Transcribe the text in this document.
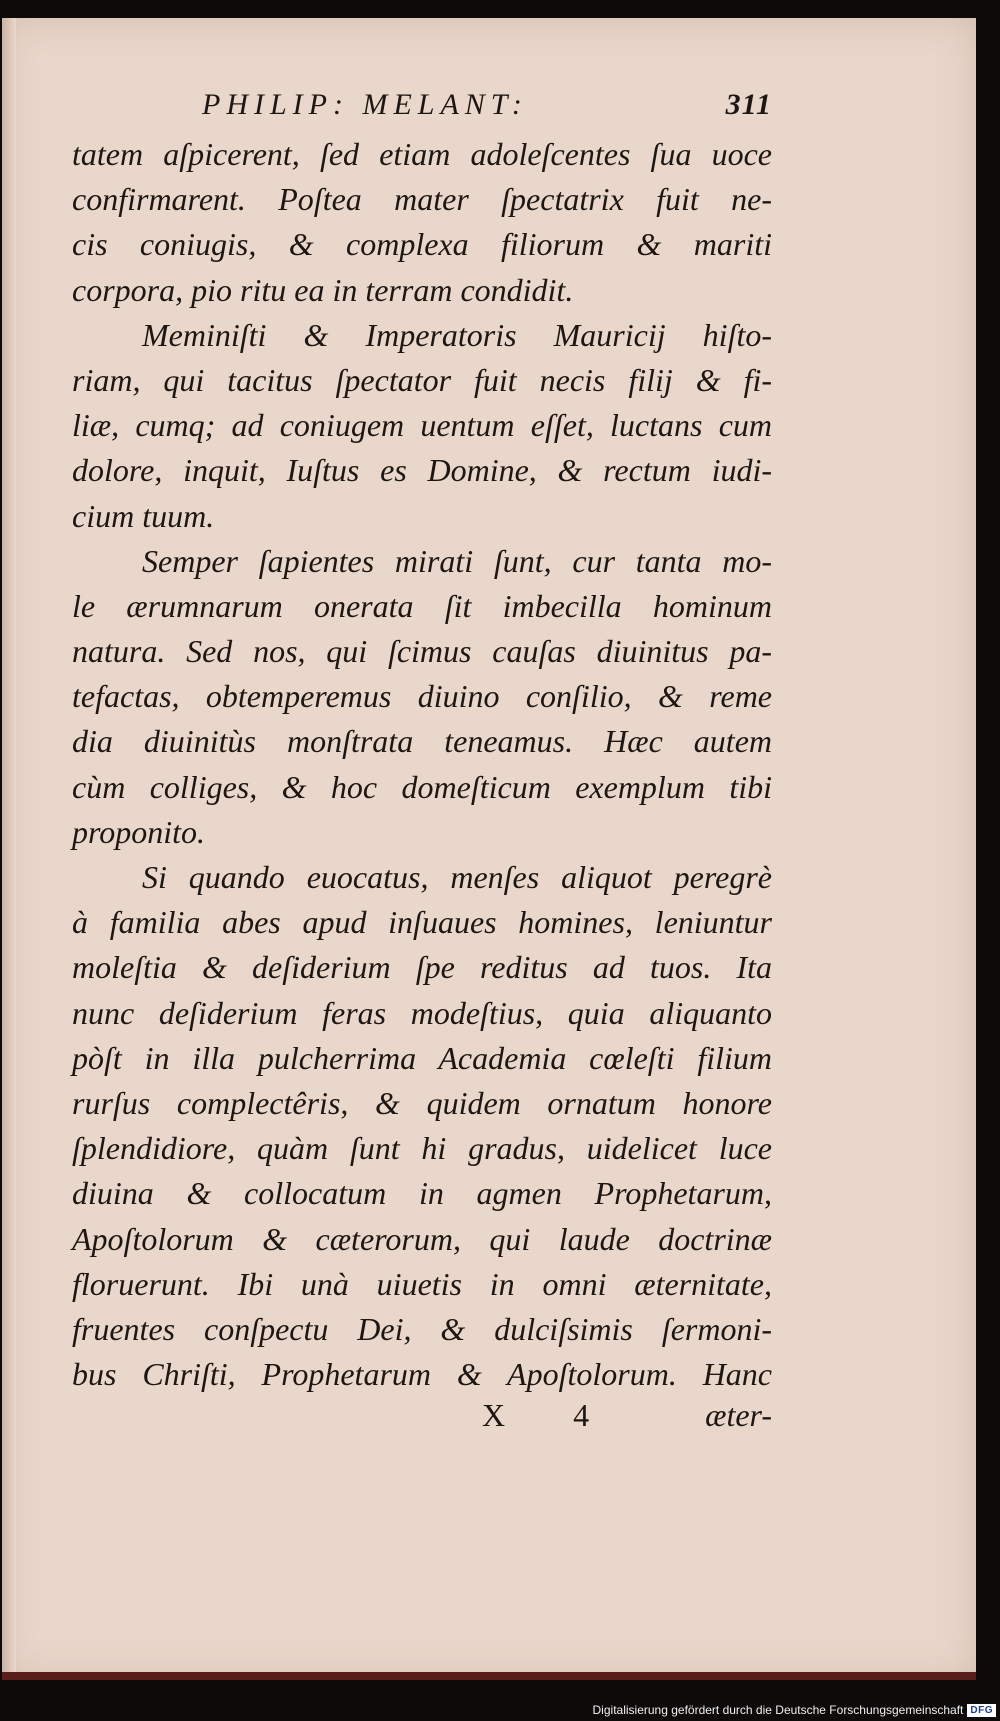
PHILIP: MELANT:	311
tatem aſpicerent, ſed etiam adoleſcentes ſua uoce
confirmarent. Poſtea mater ſpectatrix fuit ne-
cis coniugis, & complexa filiorum & mariti
corpora, pio ritu ea in terram condidit.
Meminiſti & Imperatoris Mauricij hiſto-
riam, qui tacitus ſpectator fuit necis filij & fi-
liæ, cumq; ad coniugem uentum eſſet, luctans cum
dolore, inquit, Iuſtus es Domine, & rectum iudi-
cium tuum.
Semper ſapientes mirati ſunt, cur tanta mo-
le ærumnarum onerata ſit imbecilla hominum
natura. Sed nos, qui ſcimus cauſas diuinitus pa-
tefactas, obtemperemus diuino conſilio, & reme
dia diuinitùs monſtrata teneamus. Hæc autem
cùm colliges, & hoc domeſticum exemplum tibi
proponito.
Si quando euocatus, menſes aliquot peregrè
à familia abes apud inſuaues homines, leniuntur
moleſtia & deſiderium ſpe reditus ad tuos. Ita
nunc deſiderium feras modeſtius, quia aliquanto
pòſt in illa pulcherrima Academia cœleſti filium
rurſus complectêris, & quidem ornatum honore
ſplendidiore, quàm ſunt hi gradus, uidelicet luce
diuina & collocatum in agmen Prophetarum,
Apoſtolorum & cæterorum, qui laude doctrinæ
floruerunt. Ibi unà uiuetis in omni æternitate,
fruentes conſpectu Dei, & dulciſsimis ſermoni-
bus Chriſti, Prophetarum & Apoſtolorum. Hanc
X 4	æter-
Digitalisierung gefördert durch die Deutsche Forschungsgemeinschaft DFG
